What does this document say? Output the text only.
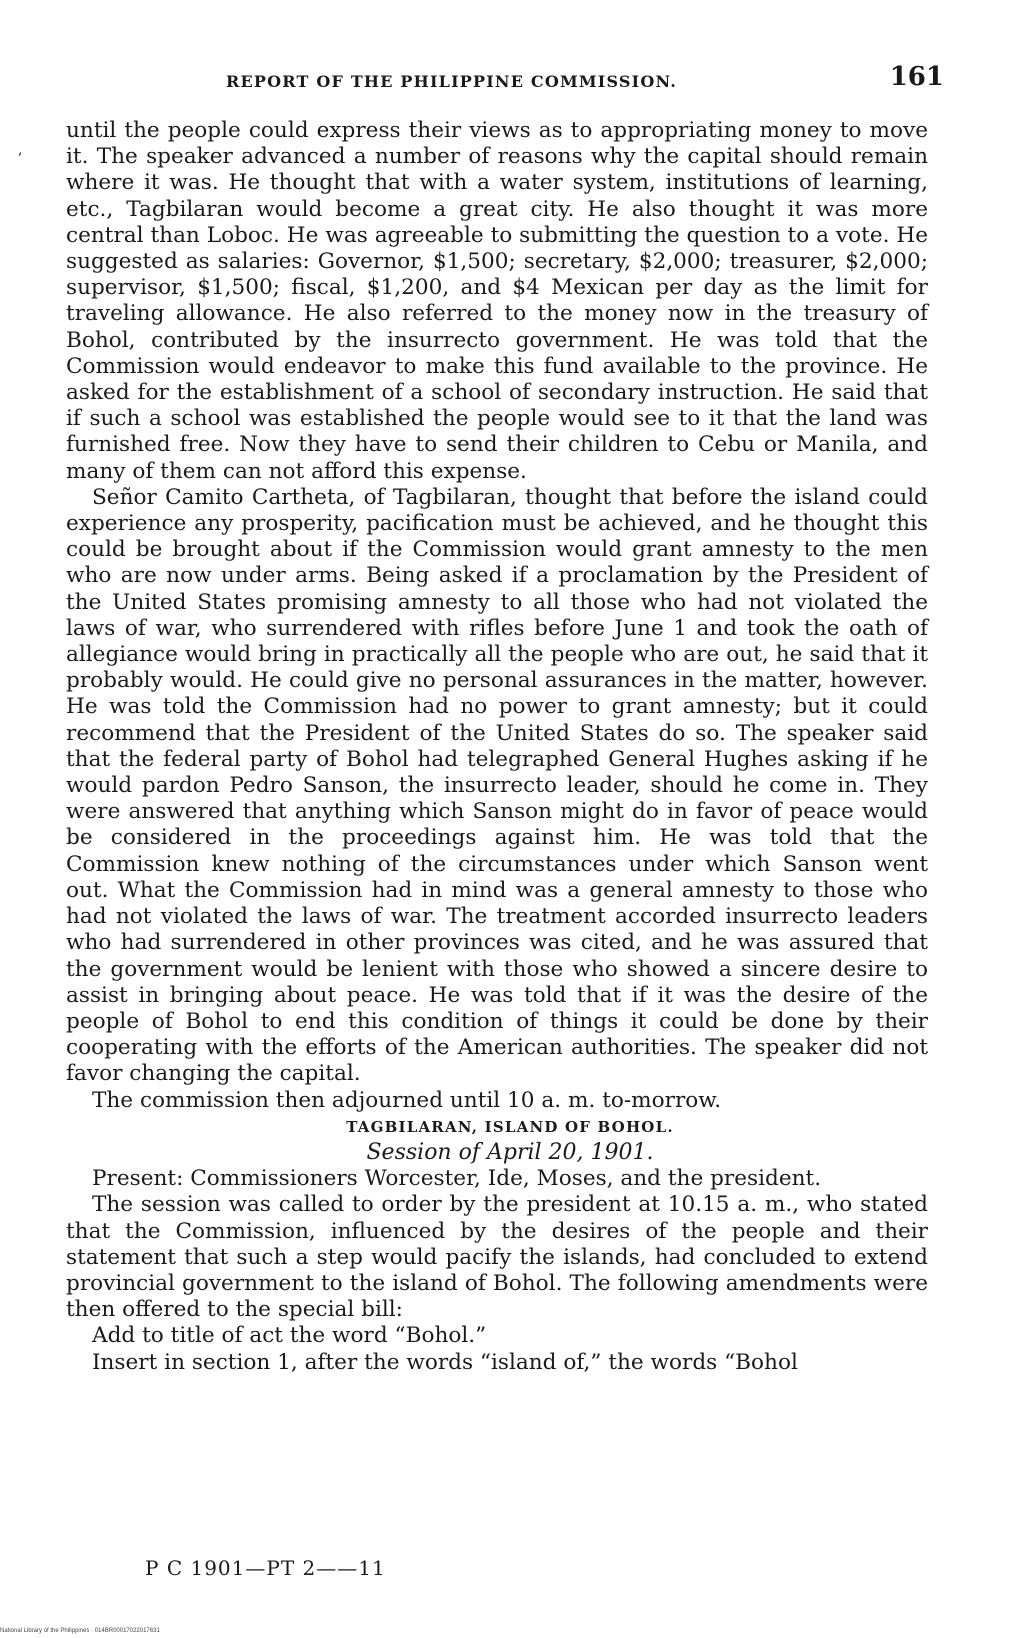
,
REPORT OF THE PHILIPPINE COMMISSION.	161

until the people could express their views as to appropriating money to move it. The speaker advanced a number of reasons why the capital should remain where it was. He thought that with a water system, institutions of learning, etc., Tagbilaran would become a great city. He also thought it was more central than Loboc. He was agreeable to submitting the question to a vote. He suggested as salaries: Governor, $1,500; secretary, $2,000; treasurer, $2,000; supervisor, $1,500; fiscal, $1,200, and $4 Mexican per day as the limit for traveling allowance. He also referred to the money now in the treasury of Bohol, contributed by the insurrecto government. He was told that the Commission would endeavor to make this fund available to the province. He asked for the establishment of a school of secondary instruction. He said that if such a school was established the people would see to it that the land was furnished free. Now they have to send their children to Cebu or Manila, and many of them can not afford this expense.

Señor Camito Cartheta, of Tagbilaran, thought that before the island could experience any prosperity, pacification must be achieved, and he thought this could be brought about if the Commission would grant amnesty to the men who are now under arms. Being asked if a proclamation by the President of the United States promising amnesty to all those who had not violated the laws of war, who surrendered with rifles before June 1 and took the oath of allegiance would bring in practically all the people who are out, he said that it probably would. He could give no personal assurances in the matter, however. He was told the Commission had no power to grant amnesty; but it could recommend that the President of the United States do so. The speaker said that the federal party of Bohol had telegraphed General Hughes asking if he would pardon Pedro Sanson, the insurrecto leader, should he come in. They were answered that anything which Sanson might do in favor of peace would be considered in the proceedings against him. He was told that the Commission knew nothing of the circumstances under which Sanson went out. What the Commission had in mind was a general amnesty to those who had not violated the laws of war. The treatment accorded insurrecto leaders who had surrendered in other provinces was cited, and he was assured that the government would be lenient with those who showed a sincere desire to assist in bringing about peace. He was told that if it was the desire of the people of Bohol to end this condition of things it could be done by their cooperating with the efforts of the American authorities. The speaker did not favor changing the capital.

The commission then adjourned until 10 a. m. to-morrow.

TAGBILARAN, ISLAND OF BOHOL.

Session of April 20, 1901.

Present: Commissioners Worcester, Ide, Moses, and the president.

The session was called to order by the president at 10.15 a. m., who stated that the Commission, influenced by the desires of the people and their statement that such a step would pacify the islands, had concluded to extend provincial government to the island of Bohol. The following amendments were then offered to the special bill:

Add to title of act the word “Bohol.”

Insert in section 1, after the words “island of,” the words “Bohol

P C 1901—PT 2——11
National Library of the Philippines · 014BR00017022017631
